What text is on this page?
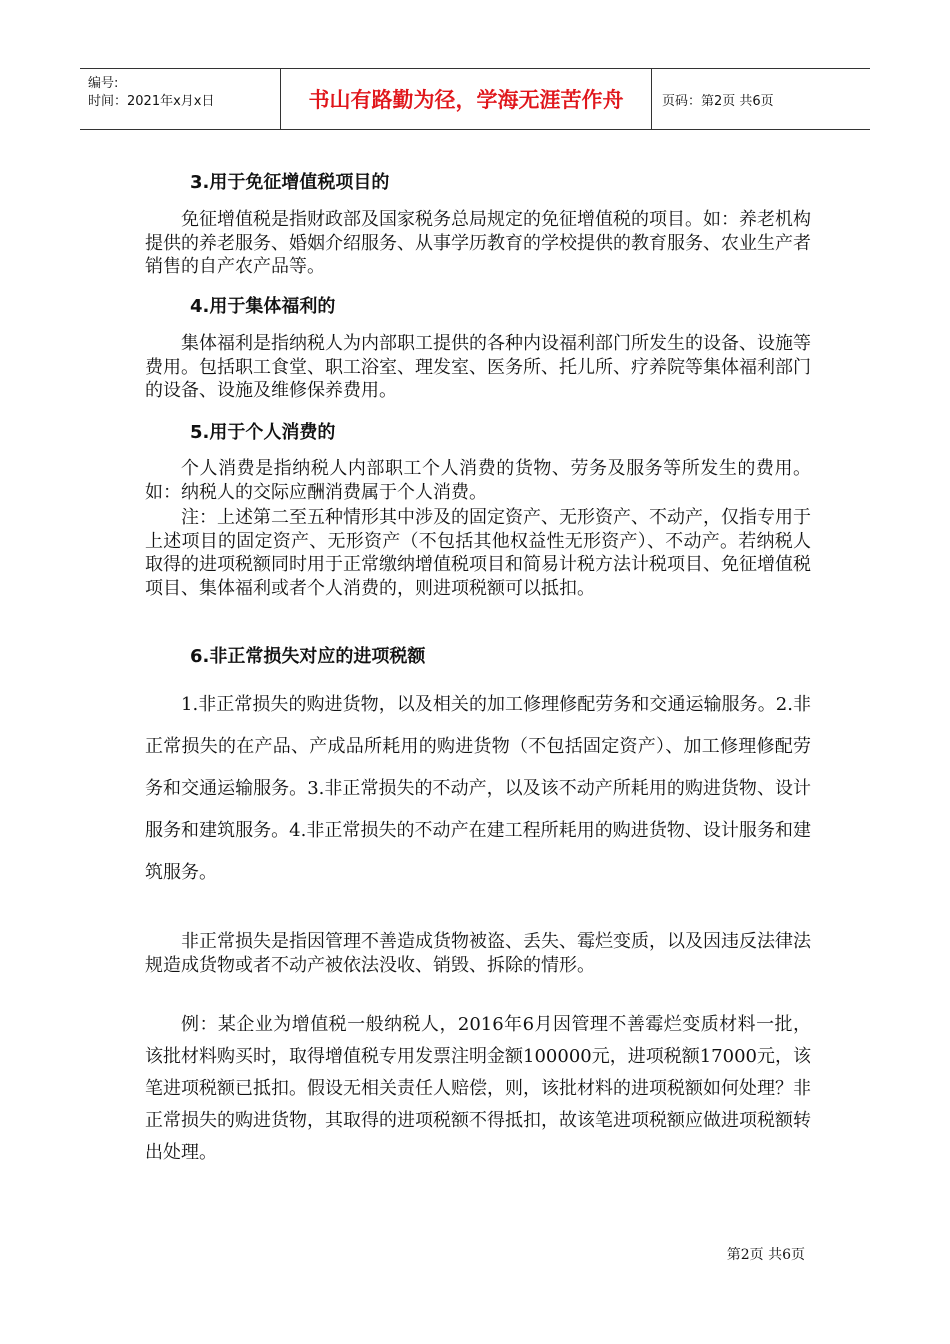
编号:
时间：2021年x月x日	书山有路勤为径，学海无涯苦作舟	页码：第2页 共6页
3.用于免征增值税项目的

免征增值税是指财政部及国家税务总局规定的免征增值税的项目。如：养老机构提供的养老服务、婚姻介绍服务、从事学历教育的学校提供的教育服务、农业生产者销售的自产农产品等。

4.用于集体福利的

集体福利是指纳税人为内部职工提供的各种内设福利部门所发生的设备、设施等费用。包括职工食堂、职工浴室、理发室、医务所、托儿所、疗养院等集体福利部门的设备、设施及维修保养费用。

5.用于个人消费的

个人消费是指纳税人内部职工个人消费的货物、劳务及服务等所发生的费用。如：纳税人的交际应酬消费属于个人消费。

注：上述第二至五种情形其中涉及的固定资产、无形资产、不动产，仅指专用于上述项目的固定资产、无形资产（不包括其他权益性无形资产）、不动产。若纳税人取得的进项税额同时用于正常缴纳增值税项目和简易计税方法计税项目、免征增值税项目、集体福利或者个人消费的，则进项税额可以抵扣。

6.非正常损失对应的进项税额

1.非正常损失的购进货物，以及相关的加工修理修配劳务和交通运输服务。2.非正常损失的在产品、产成品所耗用的购进货物（不包括固定资产）、加工修理修配劳务和交通运输服务。3.非正常损失的不动产，以及该不动产所耗用的购进货物、设计服务和建筑服务。4.非正常损失的不动产在建工程所耗用的购进货物、设计服务和建筑服务。

非正常损失是指因管理不善造成货物被盗、丢失、霉烂变质，以及因违反法律法规造成货物或者不动产被依法没收、销毁、拆除的情形。

例：某企业为增值税一般纳税人，2016年6月因管理不善霉烂变质材料一批，该批材料购买时，取得增值税专用发票注明金额100000元，进项税额17000元，该笔进项税额已抵扣。假设无相关责任人赔偿，则，该批材料的进项税额如何处理？非正常损失的购进货物，其取得的进项税额不得抵扣，故该笔进项税额应做进项税额转出处理。

第2页 共6页
